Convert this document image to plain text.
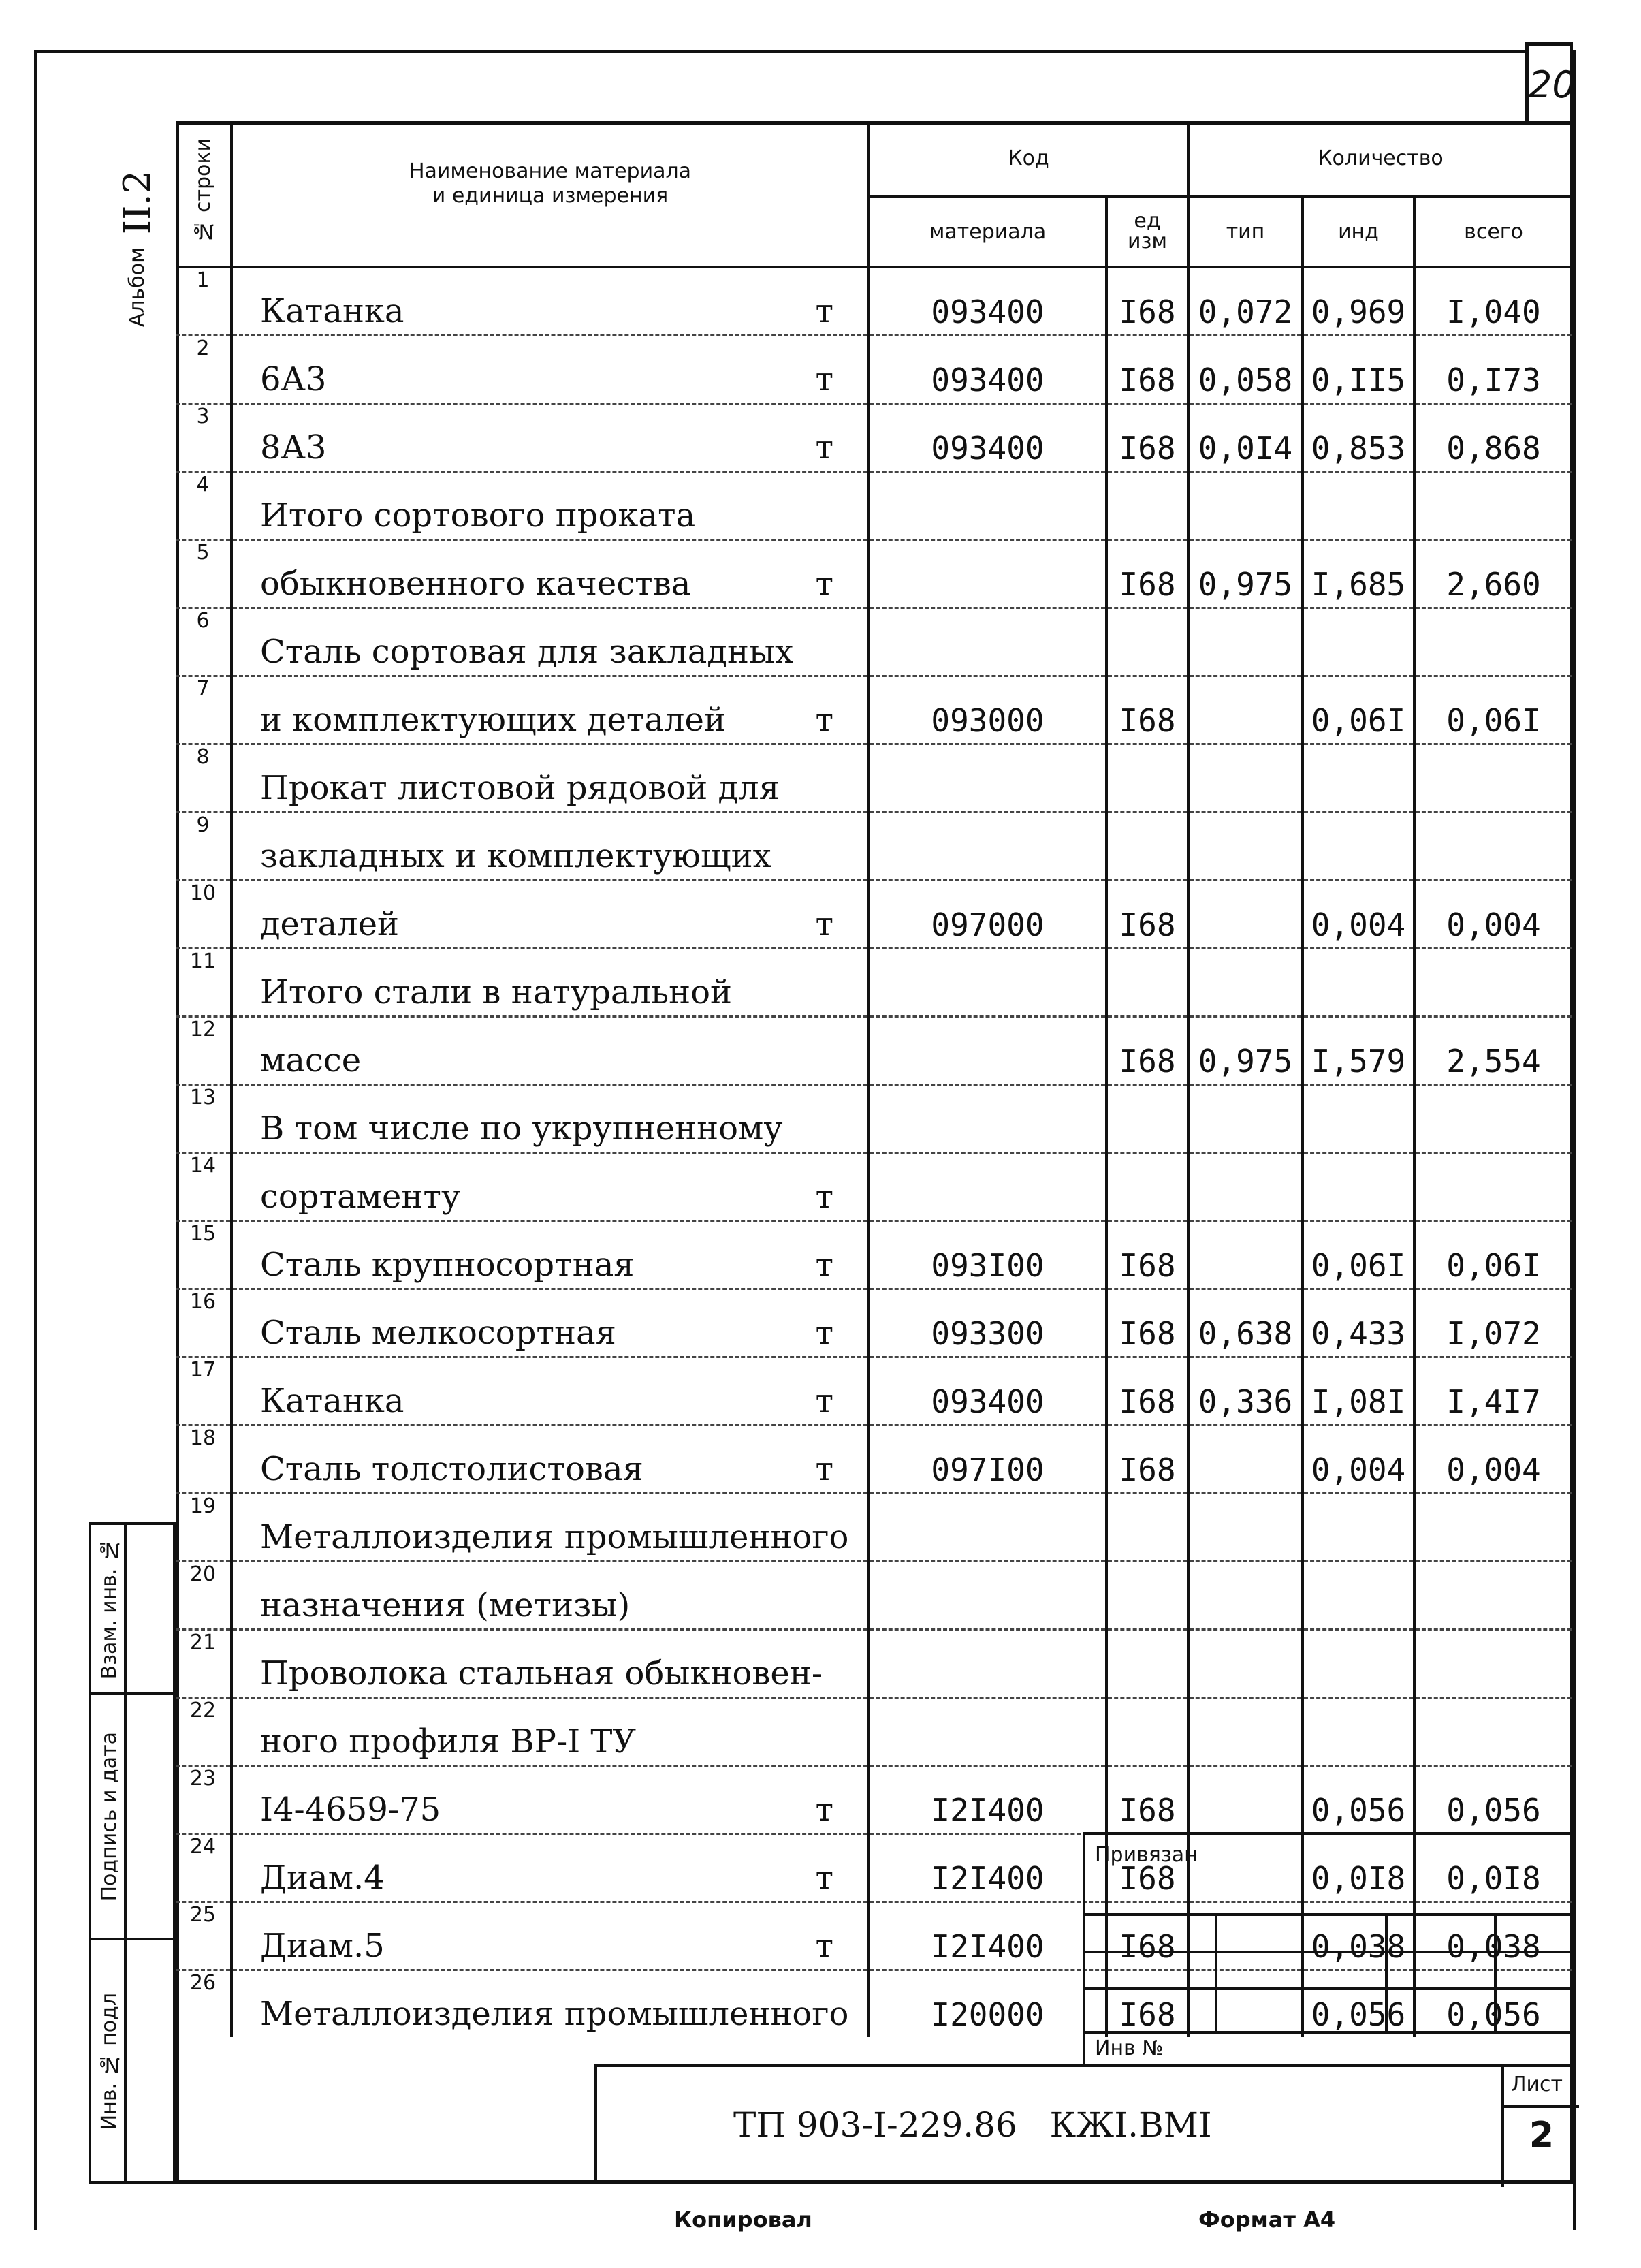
20
Альбом  II.2 № строки	Наименование материала
и единица измерения	Код		Количество		
		материала	ед изм	тип	инд	всего
1	Катанка т	093400	I68	0,072	0,969	I,040
2	6А3 т	093400	I68	0,058	0,II5	0,I73
3	8А3 т	093400	I68	0,0I4	0,853	0,868
4	Итого сортового проката

5	обыкновенного качества т		I68	0,975	I,685	2,660
6	Сталь сортовая для закладных

7	и комплектующих деталей т	093000	I68		0,06I	0,06I
8	Прокат листовой рядовой для

9	закладных и комплектующих

10	деталей т	097000	I68		0,004	0,004
11	Итого стали в натуральной

12	массе		I68	0,975	I,579	2,554
13	В том числе по укрупненному

14	сортаменту т					

15	Сталь крупносортная т	093I00	I68		0,06I	0,06I
16	Сталь мелкосортная т	093300	I68	0,638	0,433	I,072
17	Катанка т	093400	I68	0,336	I,08I	I,4I7
18	Сталь толстолистовая т	097I00	I68		0,004	0,004
19	Металлоизделия промышленного

20	назначения (метизы)

21	Проволока стальная обыкновен-

22	ного профиля ВР-I ТУ

23	I4-4659-75 т	I2I400	I68		0,056	0,056
24	Диам.4 т	I2I400	I68		0,0I8	0,0I8
25	Диам.5 т	I2I400	I68		0,038	0,038
26	Металлоизделия промышленного	I20000	I68		0,056	0,056
Взам. инв. №
Подпись и дата
Инв. № подл
Привязан
Инв №
ТП 903-I-229.86   КЖI.ВМI
Лист
2
Копировал	Формат А4
